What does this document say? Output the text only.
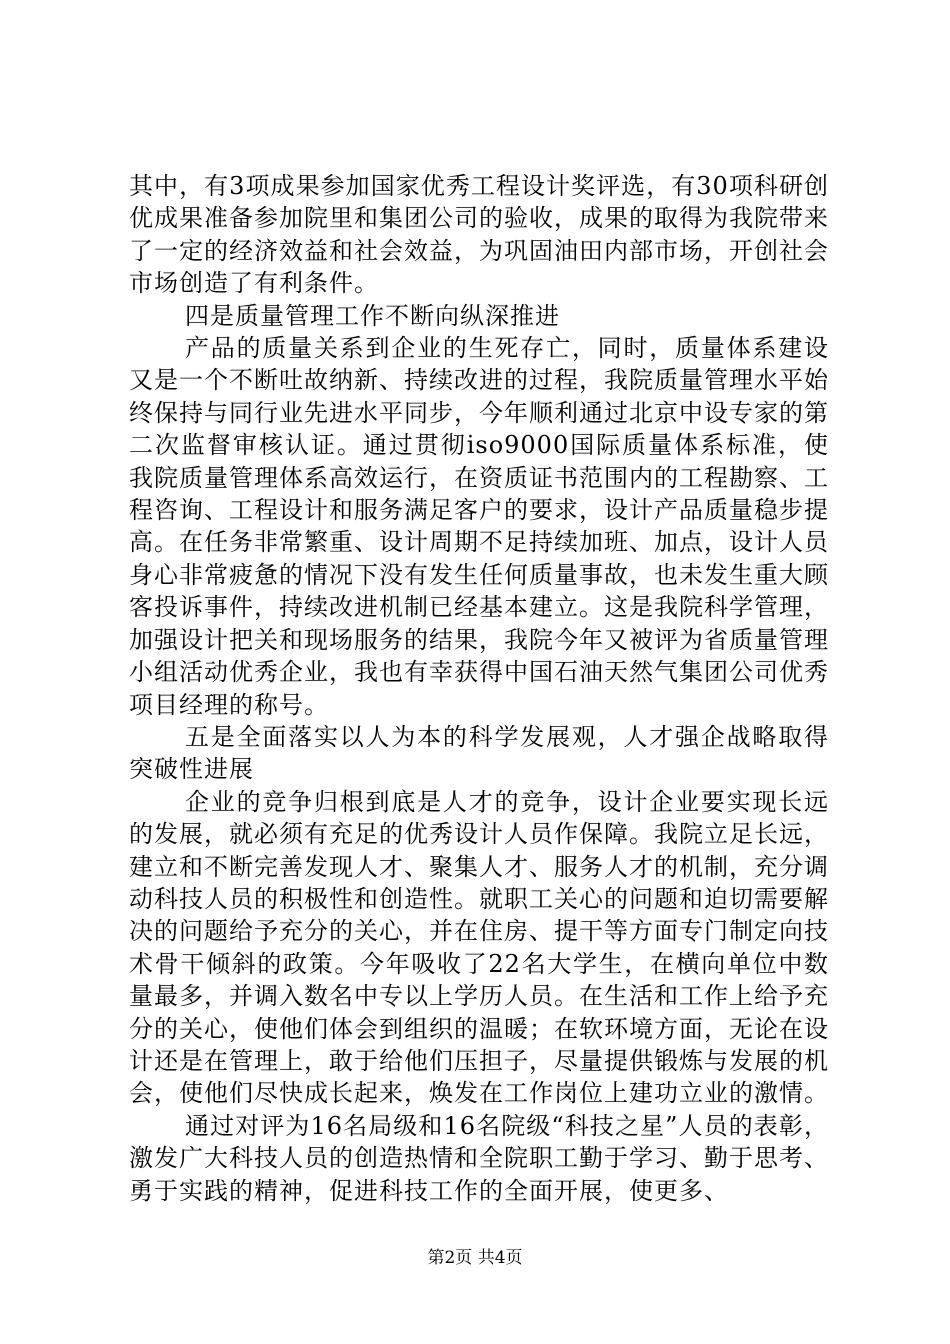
其中，有3项成果参加国家优秀工程设计奖评选，有30项科研创优成果准备参加院里和集团公司的验收，成果的取得为我院带来了一定的经济效益和社会效益，为巩固油田内部市场，开创社会市场创造了有利条件。

四是质量管理工作不断向纵深推进

产品的质量关系到企业的生死存亡，同时，质量体系建设又是一个不断吐故纳新、持续改进的过程，我院质量管理水平始终保持与同行业先进水平同步，今年顺利通过北京中设专家的第二次监督审核认证。通过贯彻iso9000国际质量体系标准，使我院质量管理体系高效运行，在资质证书范围内的工程勘察、工程咨询、工程设计和服务满足客户的要求，设计产品质量稳步提高。在任务非常繁重、设计周期不足持续加班、加点，设计人员身心非常疲惫的情况下没有发生任何质量事故，也未发生重大顾客投诉事件，持续改进机制已经基本建立。这是我院科学管理，加强设计把关和现场服务的结果，我院今年又被评为省质量管理小组活动优秀企业，我也有幸获得中国石油天然气集团公司优秀项目经理的称号。

五是全面落实以人为本的科学发展观，人才强企战略取得突破性进展

企业的竞争归根到底是人才的竞争，设计企业要实现长远的发展，就必须有充足的优秀设计人员作保障。我院立足长远，建立和不断完善发现人才、聚集人才、服务人才的机制，充分调动科技人员的积极性和创造性。就职工关心的问题和迫切需要解决的问题给予充分的关心，并在住房、提干等方面专门制定向技术骨干倾斜的政策。今年吸收了22名大学生，在横向单位中数量最多，并调入数名中专以上学历人员。在生活和工作上给予充分的关心，使他们体会到组织的温暖；在软环境方面，无论在设计还是在管理上，敢于给他们压担子，尽量提供锻炼与发展的机会，使他们尽快成长起来，焕发在工作岗位上建功立业的激情。

通过对评为16名局级和16名院级“科技之星”人员的表彰，激发广大科技人员的创造热情和全院职工勤于学习、勤于思考、勇于实践的精神，促进科技工作的全面开展，使更多、

第2页 共4页
